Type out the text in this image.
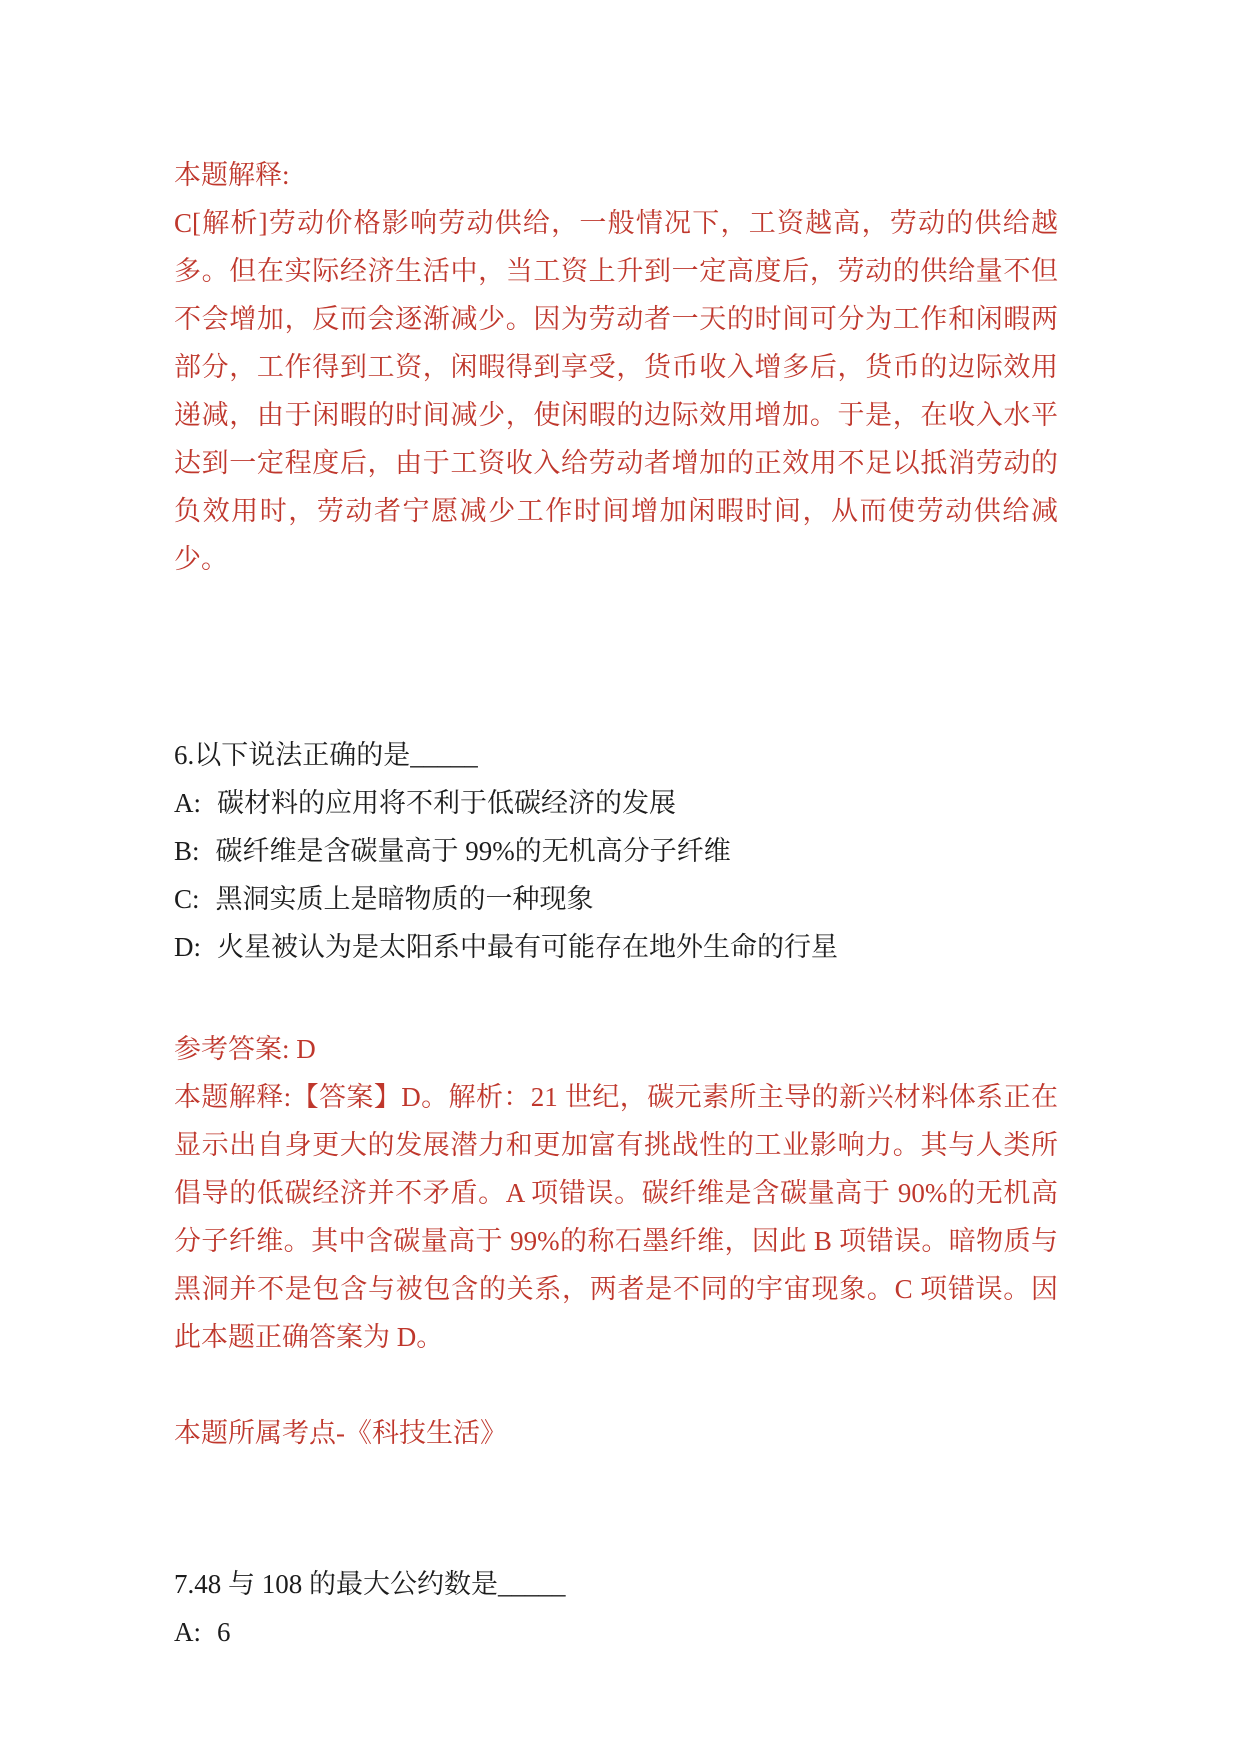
本题解释:
C[解析]劳动价格影响劳动供给，一般情况下，工资越高，劳动的供给越多。但在实际经济生活中，当工资上升到一定高度后，劳动的供给量不但不会增加，反而会逐渐减少。因为劳动者一天的时间可分为工作和闲暇两部分，工作得到工资，闲暇得到享受，货币收入增多后，货币的边际效用递减，由于闲暇的时间减少，使闲暇的边际效用增加。于是，在收入水平达到一定程度后，由于工资收入给劳动者增加的正效用不足以抵消劳动的负效用时，劳动者宁愿减少工作时间增加闲暇时间，从而使劳动供给减少。
6.以下说法正确的是_____
A: 碳材料的应用将不利于低碳经济的发展
B: 碳纤维是含碳量高于 99%的无机高分子纤维
C: 黑洞实质上是暗物质的一种现象
D: 火星被认为是太阳系中最有可能存在地外生命的行星
参考答案: D
本题解释:【答案】D。解析：21 世纪，碳元素所主导的新兴材料体系正在显示出自身更大的发展潜力和更加富有挑战性的工业影响力。其与人类所倡导的低碳经济并不矛盾。A 项错误。碳纤维是含碳量高于 90%的无机高分子纤维。其中含碳量高于 99%的称石墨纤维，因此 B 项错误。暗物质与黑洞并不是包含与被包含的关系，两者是不同的宇宙现象。C 项错误。因此本题正确答案为 D。
本题所属考点-《科技生活》
7.48 与 108 的最大公约数是_____
A: 6
